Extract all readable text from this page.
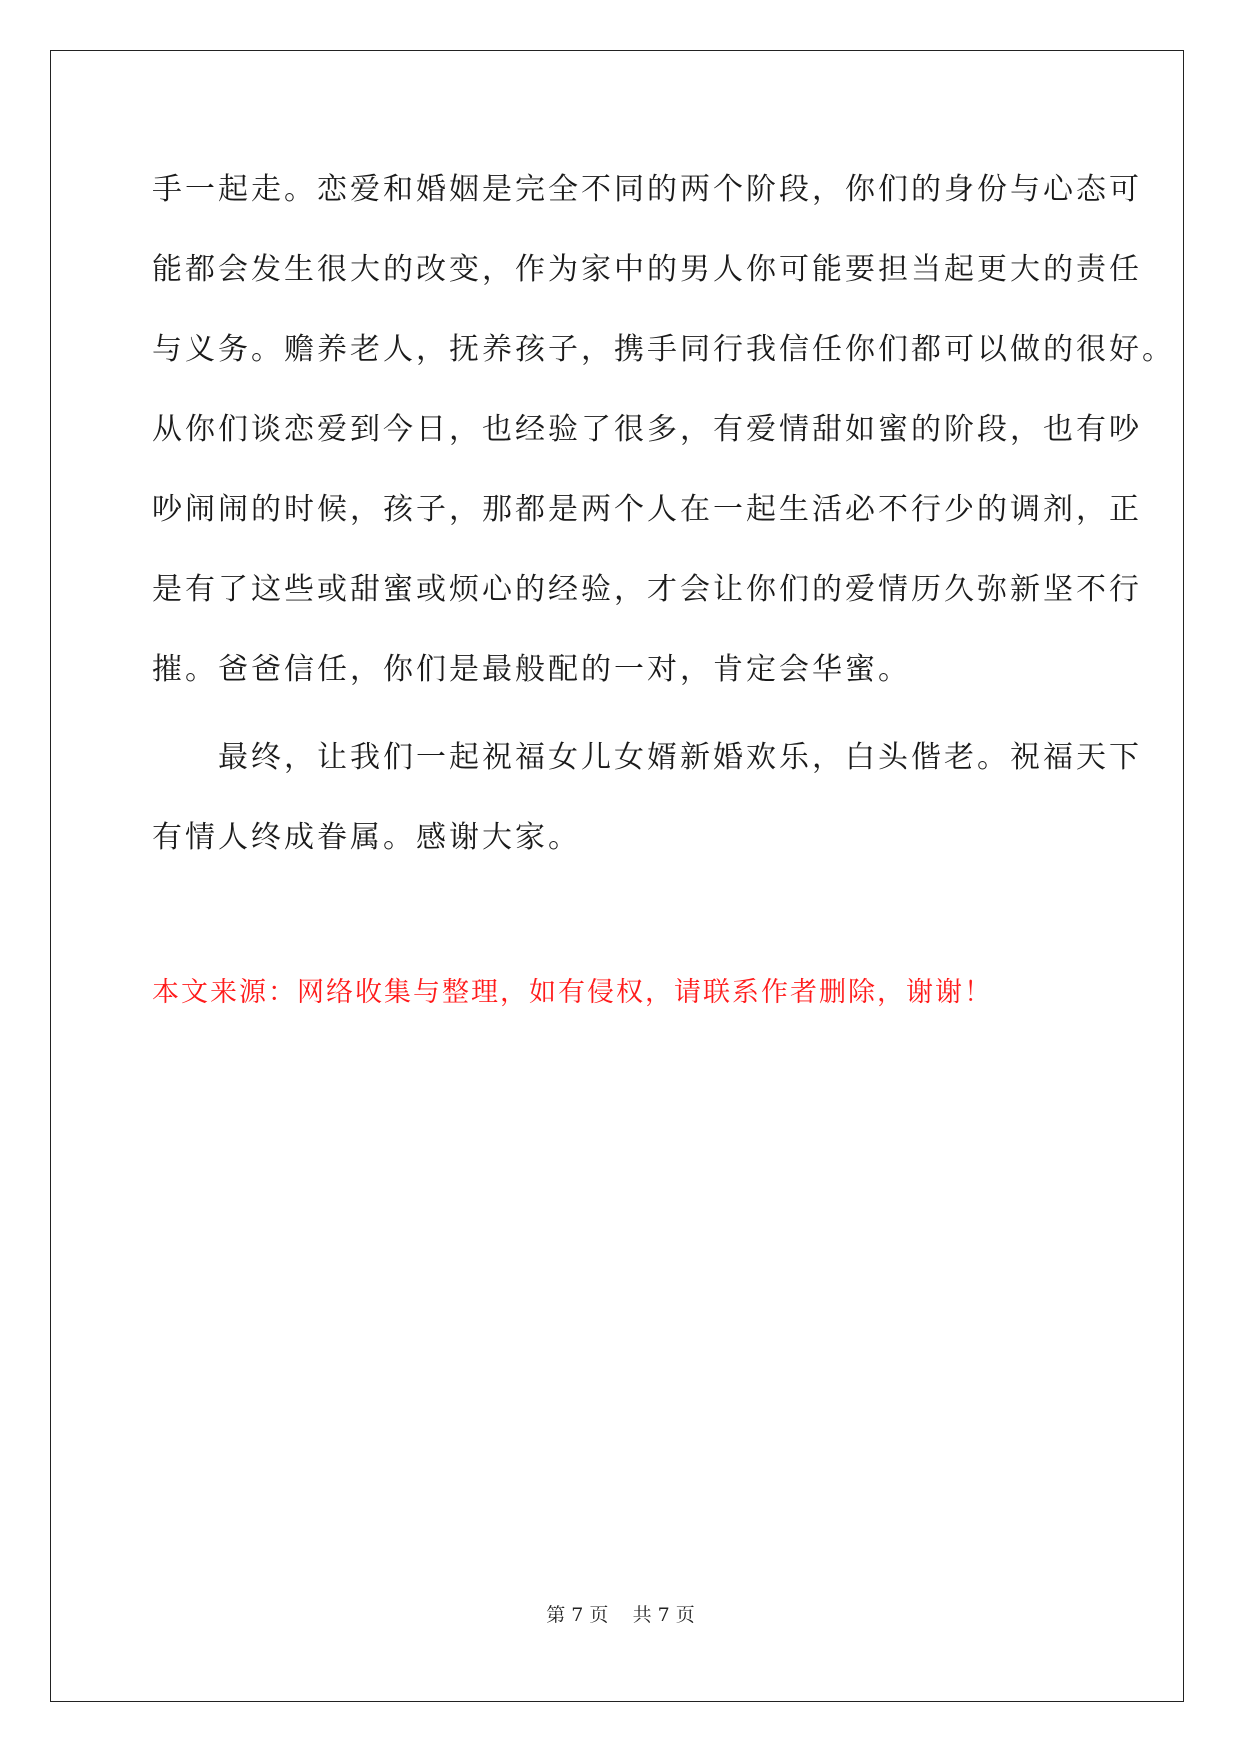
手一起走。恋爱和婚姻是完全不同的两个阶段，你们的身份与心态可
能都会发生很大的改变，作为家中的男人你可能要担当起更大的责任
与义务。赡养老人，抚养孩子，携手同行我信任你们都可以做的很好。
从你们谈恋爱到今日，也经验了很多，有爱情甜如蜜的阶段，也有吵
吵闹闹的时候，孩子，那都是两个人在一起生活必不行少的调剂，正
是有了这些或甜蜜或烦心的经验，才会让你们的爱情历久弥新坚不行
摧。爸爸信任，你们是最般配的一对，肯定会华蜜。
　　最终，让我们一起祝福女儿女婿新婚欢乐，白头偕老。祝福天下
有情人终成眷属。感谢大家。
本文来源：网络收集与整理，如有侵权，请联系作者删除，谢谢！
第 7 页    共 7 页
